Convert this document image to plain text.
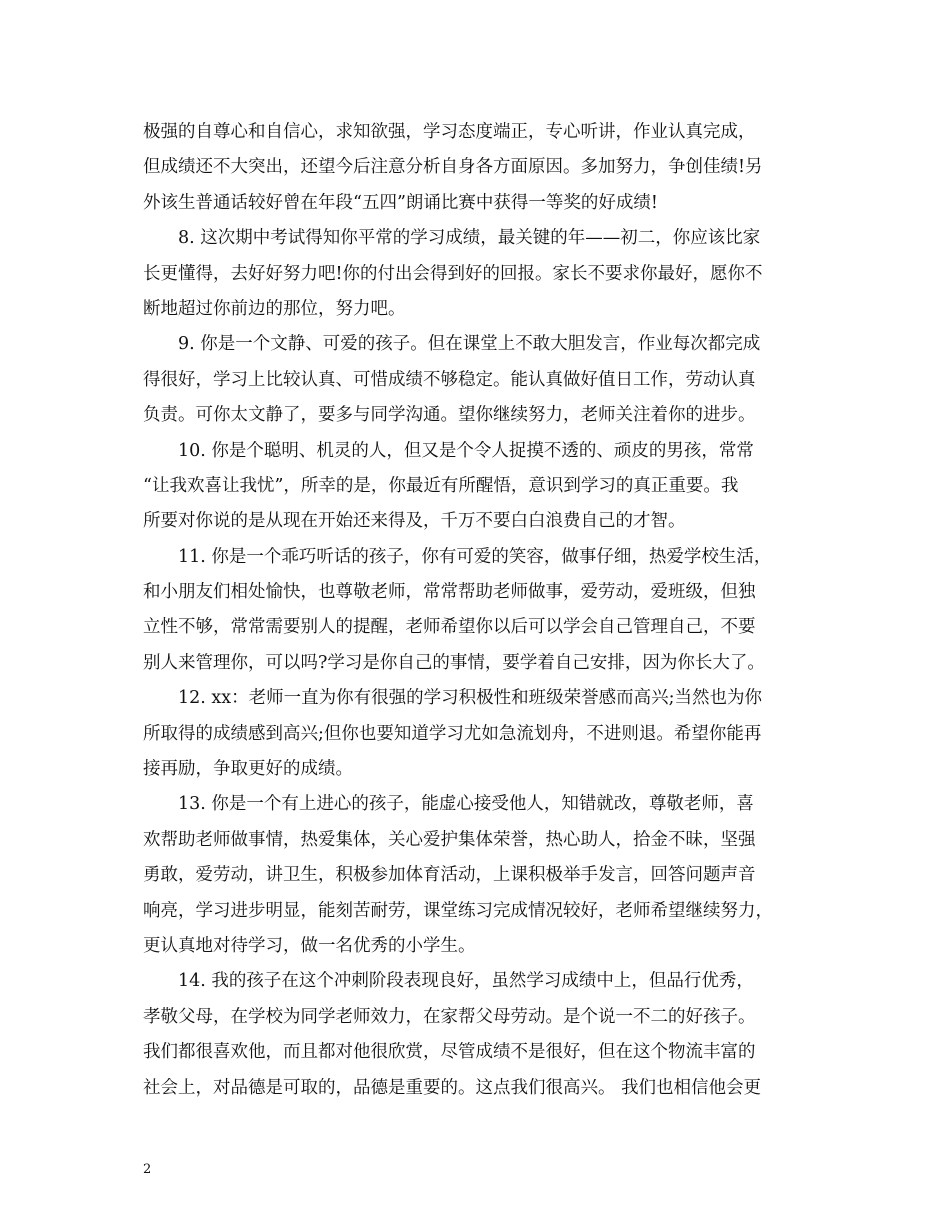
极强的自尊心和自信心，求知欲强，学习态度端正，专心听讲，作业认真完成，
但成绩还不大突出，还望今后注意分析自身各方面原因。多加努力，争创佳绩!另
外该生普通话较好曾在年段“五四”朗诵比赛中获得一等奖的好成绩!
8. 这次期中考试得知你平常的学习成绩，最关键的年——初二，你应该比家
长更懂得，去好好努力吧!你的付出会得到好的回报。家长不要求你最好，愿你不
断地超过你前边的那位，努力吧。
9. 你是一个文静、可爱的孩子。但在课堂上不敢大胆发言，作业每次都完成
得很好，学习上比较认真、可惜成绩不够稳定。能认真做好值日工作，劳动认真
负责。可你太文静了，要多与同学沟通。望你继续努力，老师关注着你的进步。
10. 你是个聪明、机灵的人，但又是个令人捉摸不透的、顽皮的男孩，常常
“让我欢喜让我忧”，所幸的是，你最近有所醒悟，意识到学习的真正重要。我
所要对你说的是从现在开始还来得及，千万不要白白浪费自己的才智。
11. 你是一个乖巧听话的孩子，你有可爱的笑容，做事仔细，热爱学校生活，
和小朋友们相处愉快，也尊敬老师，常常帮助老师做事，爱劳动，爱班级，但独
立性不够，常常需要别人的提醒，老师希望你以后可以学会自己管理自己，不要
别人来管理你，可以吗?学习是你自己的事情，要学着自己安排，因为你长大了。
12. xx：老师一直为你有很强的学习积极性和班级荣誉感而高兴;当然也为你
所取得的成绩感到高兴;但你也要知道学习尤如急流划舟，不进则退。希望你能再
接再励，争取更好的成绩。
13. 你是一个有上进心的孩子，能虚心接受他人，知错就改，尊敬老师，喜
欢帮助老师做事情，热爱集体，关心爱护集体荣誉，热心助人，拾金不昧，坚强
勇敢，爱劳动，讲卫生，积极参加体育活动，上课积极举手发言，回答问题声音
响亮，学习进步明显，能刻苦耐劳，课堂练习完成情况较好，老师希望继续努力，
更认真地对待学习，做一名优秀的小学生。
14. 我的孩子在这个冲刺阶段表现良好，虽然学习成绩中上，但品行优秀，
孝敬父母，在学校为同学老师效力，在家帮父母劳动。是个说一不二的好孩子。
我们都很喜欢他，而且都对他很欣赏，尽管成绩不是很好，但在这个物流丰富的
社会上，对品德是可取的，品德是重要的。这点我们很高兴。 我们也相信他会更
2
